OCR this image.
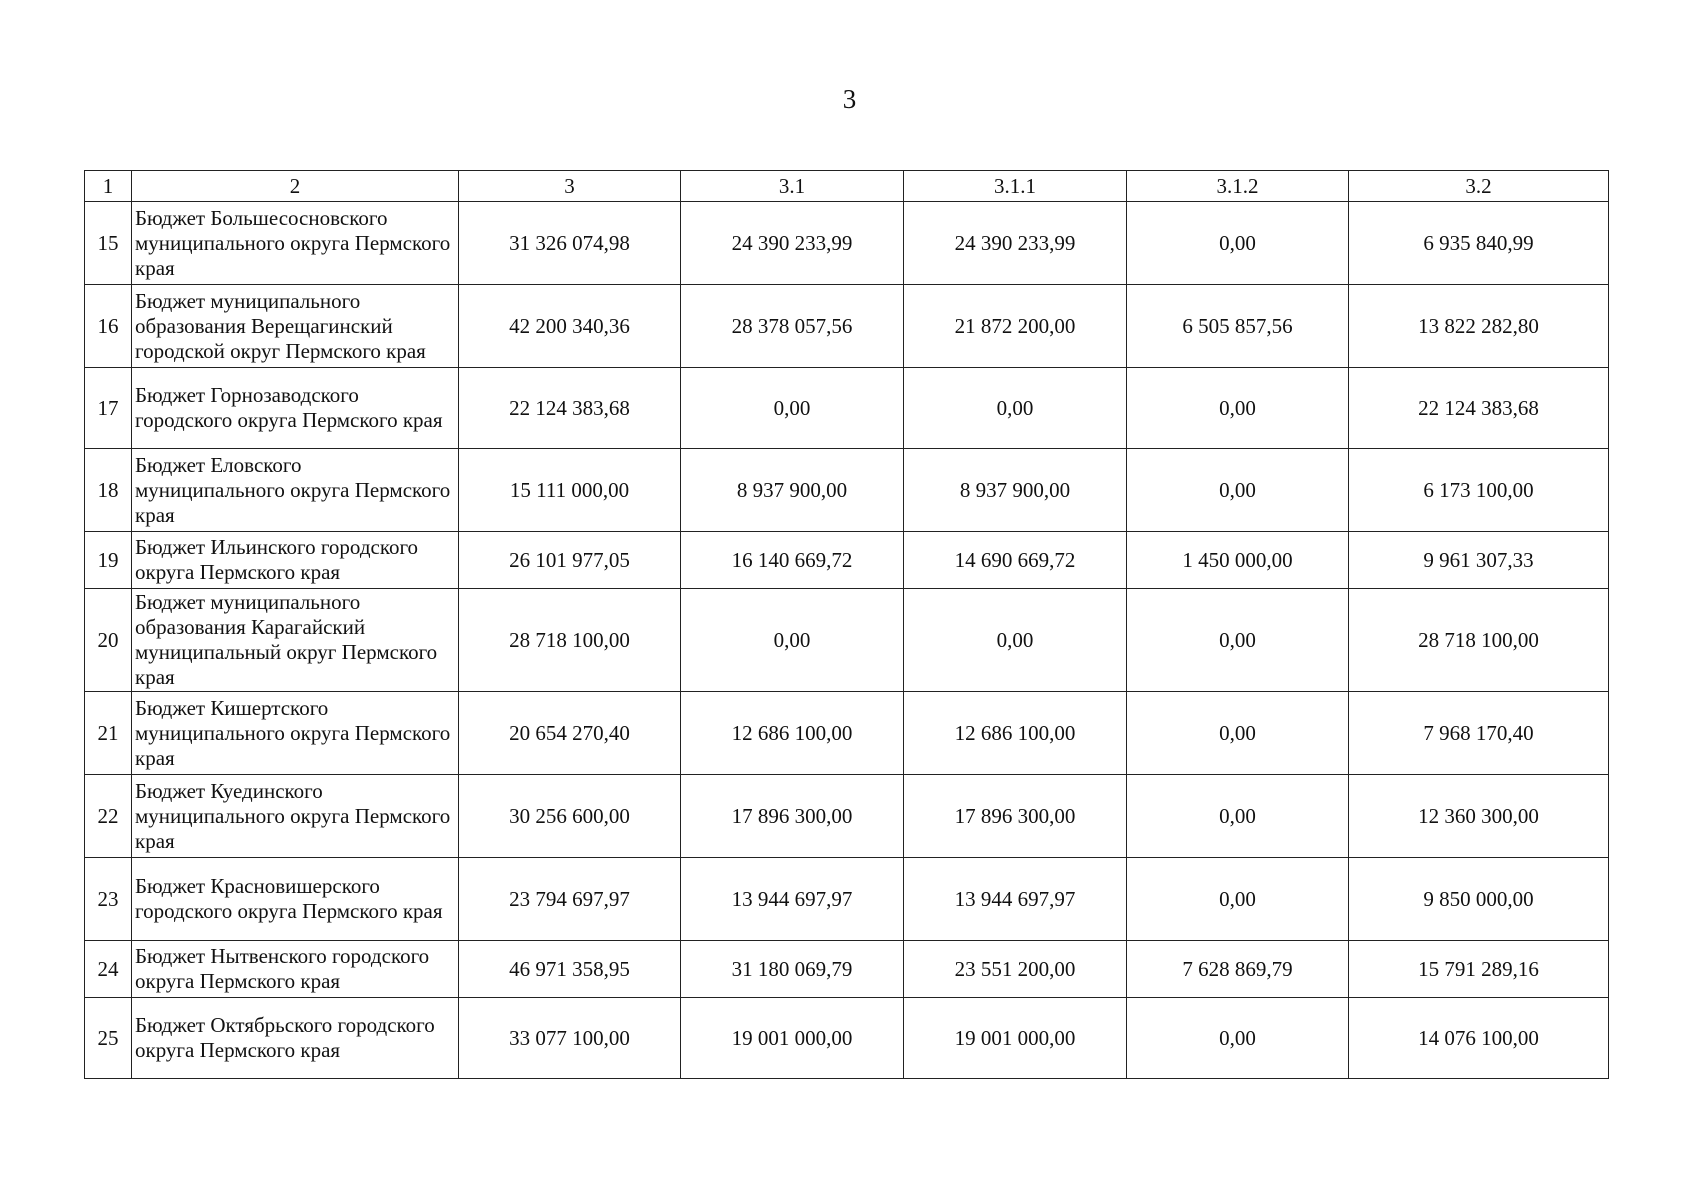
3
1	2	3	3.1	3.1.1	3.1.2	3.2
15	Бюджет Большесосновского муниципального округа Пермского края	31 326 074,98	24 390 233,99	24 390 233,99	0,00	6 935 840,99
16	Бюджет муниципального образования Верещагинский городской округ Пермского края	42 200 340,36	28 378 057,56	21 872 200,00	6 505 857,56	13 822 282,80
17	Бюджет Горнозаводского городского округа Пермского края	22 124 383,68	0,00	0,00	0,00	22 124 383,68
18	Бюджет Еловского муниципального округа Пермского края	15 111 000,00	8 937 900,00	8 937 900,00	0,00	6 173 100,00
19	Бюджет Ильинского городского округа Пермского края	26 101 977,05	16 140 669,72	14 690 669,72	1 450 000,00	9 961 307,33
20	Бюджет муниципального образования Карагайский муниципальный округ Пермского края	28 718 100,00	0,00	0,00	0,00	28 718 100,00
21	Бюджет Кишертского муниципального округа Пермского края	20 654 270,40	12 686 100,00	12 686 100,00	0,00	7 968 170,40
22	Бюджет Куединского муниципального округа Пермского края	30 256 600,00	17 896 300,00	17 896 300,00	0,00	12 360 300,00
23	Бюджет Красновишерского городского округа Пермского края	23 794 697,97	13 944 697,97	13 944 697,97	0,00	9 850 000,00
24	Бюджет Нытвенского городского округа Пермского края	46 971 358,95	31 180 069,79	23 551 200,00	7 628 869,79	15 791 289,16
25	Бюджет Октябрьского городского округа Пермского края	33 077 100,00	19 001 000,00	19 001 000,00	0,00	14 076 100,00
